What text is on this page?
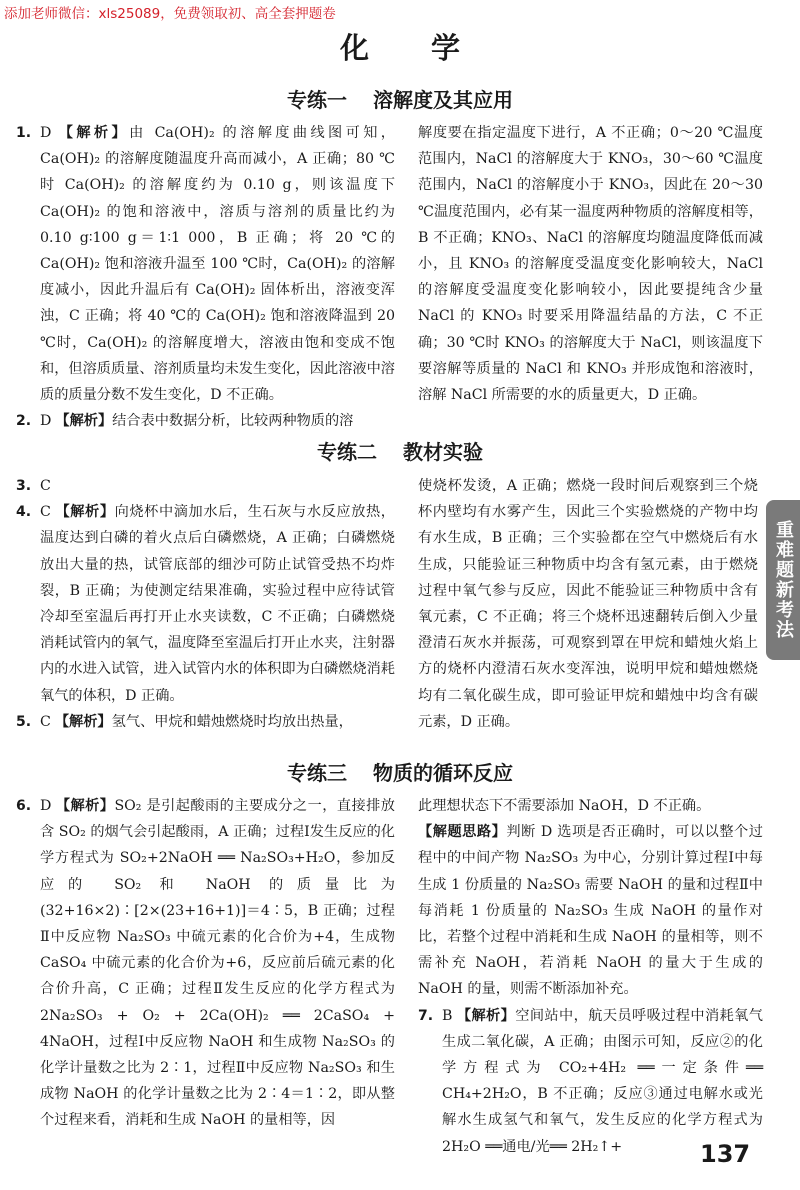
添加老师微信：xls25089，免费领取初、高全套押题卷
化 学
专练一 溶解度及其应用

1. D 【解析】由 Ca(OH)₂ 的溶解度曲线图可知，Ca(OH)₂ 的溶解度随温度升高而减小，A 正确；80 ℃时 Ca(OH)₂ 的溶解度约为 0.10 g，则该温度下 Ca(OH)₂ 的饱和溶液中，溶质与溶剂的质量比约为 0.10 g∶100 g＝1∶1 000，B 正确；将 20 ℃的 Ca(OH)₂ 饱和溶液升温至 100 ℃时，Ca(OH)₂ 的溶解度减小，因此升温后有 Ca(OH)₂ 固体析出，溶液变浑浊，C 正确；将 40 ℃的 Ca(OH)₂ 饱和溶液降温到 20 ℃时，Ca(OH)₂ 的溶解度增大，溶液由饱和变成不饱和，但溶质质量、溶剂质量均未发生变化，因此溶液中溶质的质量分数不发生变化，D 不正确。

2. D 【解析】结合表中数据分析，比较两种物质的溶

解度要在指定温度下进行，A 不正确；0～20 ℃温度范围内，NaCl 的溶解度大于 KNO₃，30～60 ℃温度范围内，NaCl 的溶解度小于 KNO₃，因此在 20～30 ℃温度范围内，必有某一温度两种物质的溶解度相等，B 不正确；KNO₃、NaCl 的溶解度均随温度降低而减小，且 KNO₃ 的溶解度受温度变化影响较大，NaCl 的溶解度受温度变化影响较小，因此要提纯含少量 NaCl 的 KNO₃ 时要采用降温结晶的方法，C 不正确；30 ℃时 KNO₃ 的溶解度大于 NaCl，则该温度下要溶解等质量的 NaCl 和 KNO₃ 并形成饱和溶液时，溶解 NaCl 所需要的水的质量更大，D 正确。

专练二 教材实验

3. C

4. C 【解析】向烧杯中滴加水后，生石灰与水反应放热，温度达到白磷的着火点后白磷燃烧，A 正确；白磷燃烧放出大量的热，试管底部的细沙可防止试管受热不均炸裂，B 正确；为使测定结果准确，实验过程中应待试管冷却至室温后再打开止水夹读数，C 不正确；白磷燃烧消耗试管内的氧气，温度降至室温后打开止水夹，注射器内的水进入试管，进入试管内水的体积即为白磷燃烧消耗氧气的体积，D 正确。

5. C 【解析】氢气、甲烷和蜡烛燃烧时均放出热量，

使烧杯发烫，A 正确；燃烧一段时间后观察到三个烧杯内壁均有水雾产生，因此三个实验燃烧的产物中均有水生成，B 正确；三个实验都在空气中燃烧后有水生成，只能验证三种物质中均含有氢元素，由于燃烧过程中氧气参与反应，因此不能验证三种物质中含有氧元素，C 不正确；将三个烧杯迅速翻转后倒入少量澄清石灰水并振荡，可观察到罩在甲烷和蜡烛火焰上方的烧杯内澄清石灰水变浑浊，说明甲烷和蜡烛燃烧均有二氧化碳生成，即可验证甲烷和蜡烛中均含有碳元素，D 正确。

专练三 物质的循环反应

6. D 【解析】SO₂ 是引起酸雨的主要成分之一，直接排放含 SO₂ 的烟气会引起酸雨，A 正确；过程Ⅰ发生反应的化学方程式为 SO₂+2NaOH ══ Na₂SO₃+H₂O，参加反应的 SO₂ 和 NaOH 的质量比为(32+16×2)∶[2×(23+16+1)]＝4∶5，B 正确；过程Ⅱ中反应物 Na₂SO₃ 中硫元素的化合价为+4，生成物 CaSO₄ 中硫元素的化合价为+6，反应前后硫元素的化合价升高，C 正确；过程Ⅱ发生反应的化学方程式为 2Na₂SO₃ + O₂ + 2Ca(OH)₂ ══ 2CaSO₄ + 4NaOH，过程Ⅰ中反应物 NaOH 和生成物 Na₂SO₃ 的化学计量数之比为 2∶1，过程Ⅱ中反应物 Na₂SO₃ 和生成物 NaOH 的化学计量数之比为 2∶4＝1∶2，即从整个过程来看，消耗和生成 NaOH 的量相等，因

此理想状态下不需要添加 NaOH，D 不正确。

【解题思路】判断 D 选项是否正确时，可以以整个过程中的中间产物 Na₂SO₃ 为中心，分别计算过程Ⅰ中每生成 1 份质量的 Na₂SO₃ 需要 NaOH 的量和过程Ⅱ中每消耗 1 份质量的 Na₂SO₃ 生成 NaOH 的量作对比，若整个过程中消耗和生成 NaOH 的量相等，则不需补充 NaOH，若消耗 NaOH 的量大于生成的 NaOH 的量，则需不断添加补充。

7. B 【解析】空间站中，航天员呼吸过程中消耗氧气生成二氧化碳，A 正确；由图示可知，反应②的化学方程式为 CO₂+4H₂ ══一定条件══ CH₄+2H₂O，B 不正确；反应③通过电解水或光解水生成氢气和氧气，发生反应的化学方程式为 2H₂O ══通电/光══ 2H₂↑+

重难题新考法
137
